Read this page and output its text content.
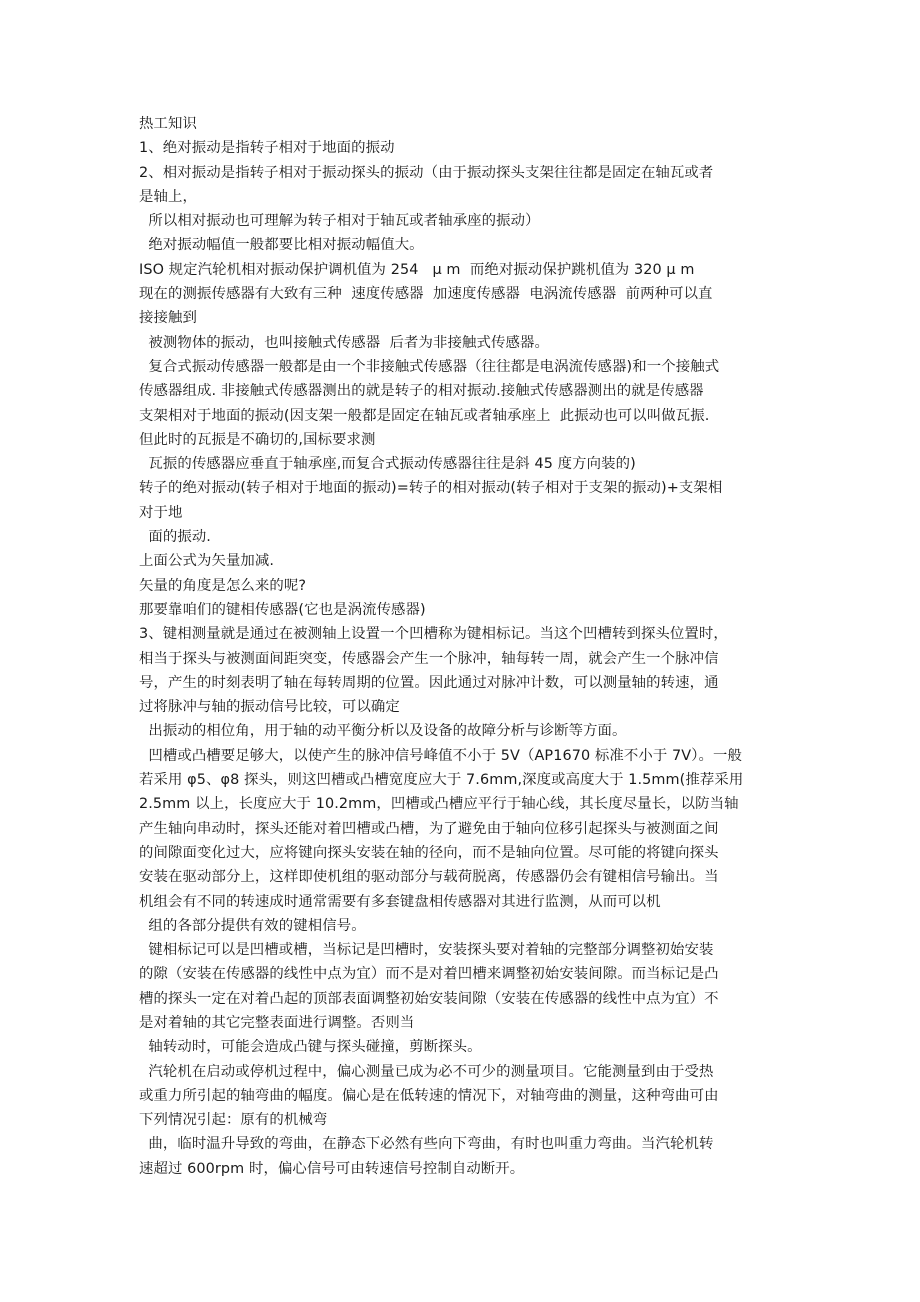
热工知识
1、绝对振动是指转子相对于地面的振动
2、相对振动是指转子相对于振动探头的振动（由于振动探头支架往往都是固定在轴瓦或者
是轴上，
所以相对振动也可理解为转子相对于轴瓦或者轴承座的振动）
绝对振动幅值一般都要比相对振动幅值大。
ISO 规定汽轮机相对振动保护调机值为 254   μ m  而绝对振动保护跳机值为 320 μ m
现在的测振传感器有大致有三种  速度传感器  加速度传感器  电涡流传感器  前两种可以直
接接触到
被测物体的振动，也叫接触式传感器  后者为非接触式传感器。
复合式振动传感器一般都是由一个非接触式传感器（往往都是电涡流传感器)和一个接触式
传感器组成. 非接触式传感器测出的就是转子的相对振动.接触式传感器测出的就是传感器
支架相对于地面的振动(因支架一般都是固定在轴瓦或者轴承座上  此振动也可以叫做瓦振.
但此时的瓦振是不确切的,国标要求测
瓦振的传感器应垂直于轴承座,而复合式振动传感器往往是斜 45 度方向装的)
转子的绝对振动(转子相对于地面的振动)=转子的相对振动(转子相对于支架的振动)+支架相
对于地
面的振动.
上面公式为矢量加减.
矢量的角度是怎么来的呢?
那要靠咱们的键相传感器(它也是涡流传感器)
3、键相测量就是通过在被测轴上设置一个凹槽称为键相标记。当这个凹槽转到探头位置时，
相当于探头与被测面间距突变，传感器会产生一个脉冲，轴每转一周，就会产生一个脉冲信
号，产生的时刻表明了轴在每转周期的位置。因此通过对脉冲计数，可以测量轴的转速，通
过将脉冲与轴的振动信号比较，可以确定
出振动的相位角，用于轴的动平衡分析以及设备的故障分析与诊断等方面。
凹槽或凸槽要足够大，以使产生的脉冲信号峰值不小于 5V（AP1670 标准不小于 7V）。一般
若采用 φ5、φ8 探头，则这凹槽或凸槽宽度应大于 7.6mm,深度或高度大于 1.5mm(推荐采用
2.5mm 以上，长度应大于 10.2mm，凹槽或凸槽应平行于轴心线，其长度尽量长，以防当轴
产生轴向串动时，探头还能对着凹槽或凸槽，为了避免由于轴向位移引起探头与被测面之间
的间隙面变化过大，应将键向探头安装在轴的径向，而不是轴向位置。尽可能的将键向探头
安装在驱动部分上，这样即使机组的驱动部分与载荷脱离，传感器仍会有键相信号输出。当
机组会有不同的转速成时通常需要有多套键盘相传感器对其进行监测，从而可以机
组的各部分提供有效的键相信号。
键相标记可以是凹槽或槽，当标记是凹槽时，安装探头要对着轴的完整部分调整初始安装
的隙（安装在传感器的线性中点为宜）而不是对着凹槽来调整初始安装间隙。而当标记是凸
槽的探头一定在对着凸起的顶部表面调整初始安装间隙（安装在传感器的线性中点为宜）不
是对着轴的其它完整表面进行调整。否则当
轴转动时，可能会造成凸键与探头碰撞，剪断探头。
汽轮机在启动或停机过程中，偏心测量已成为必不可少的测量项目。它能测量到由于受热
或重力所引起的轴弯曲的幅度。偏心是在低转速的情况下，对轴弯曲的测量，这种弯曲可由
下列情况引起：原有的机械弯
曲，临时温升导致的弯曲，在静态下必然有些向下弯曲，有时也叫重力弯曲。当汽轮机转
速超过 600rpm 时，偏心信号可由转速信号控制自动断开。
